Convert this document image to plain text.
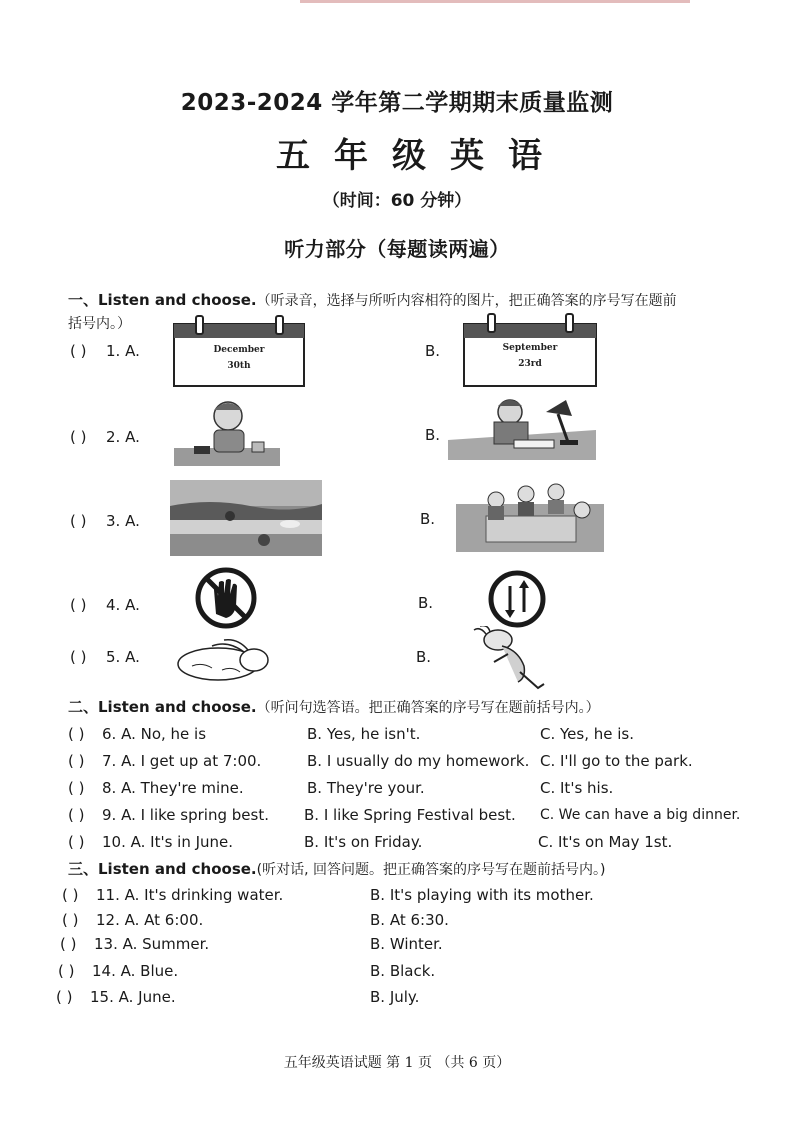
2023-2024 学年第二学期期末质量监测
五年级英语
（时间：60 分钟）
听力部分（每题读两遍）
一、Listen and choose.（听录音，选择与所听内容相符的图片，把正确答案的序号写在题前
括号内。）
( ) 1. A.	December
30th
B.	September
23rd
( ) 2. A.	B.
( ) 3. A.	B.
( ) 4. A.	B.
( ) 5. A.	B.
二、Listen and choose.（听问句选答语。把正确答案的序号写在题前括号内。）
( ) 6. A. No, he is	B. Yes, he isn't.	C. Yes, he is.
( ) 7. A. I get up at 7:00.	B. I usually do my homework. C. I'll go to the park.
( ) 8. A. They're mine.	B. They're your.	C. It's his.
( ) 9. A. I like spring best. B. I like Spring Festival best. C. We can have a big dinner.
( ) 10. A. It's in June.	B. It's on Friday.	C. It's on May 1st.
三、Listen and choose.(听对话, 回答问题。把正确答案的序号写在题前括号内。)
( ) 11. A. It's drinking water.	B. It's playing with its mother.
( ) 12. A. At 6:00.	B. At 6:30.
( ) 13. A. Summer.	B. Winter.
( ) 14. A. Blue.	B. Black.
( ) 15. A. June.	B. July.
五年级英语试题 第 1 页 （共 6 页）
